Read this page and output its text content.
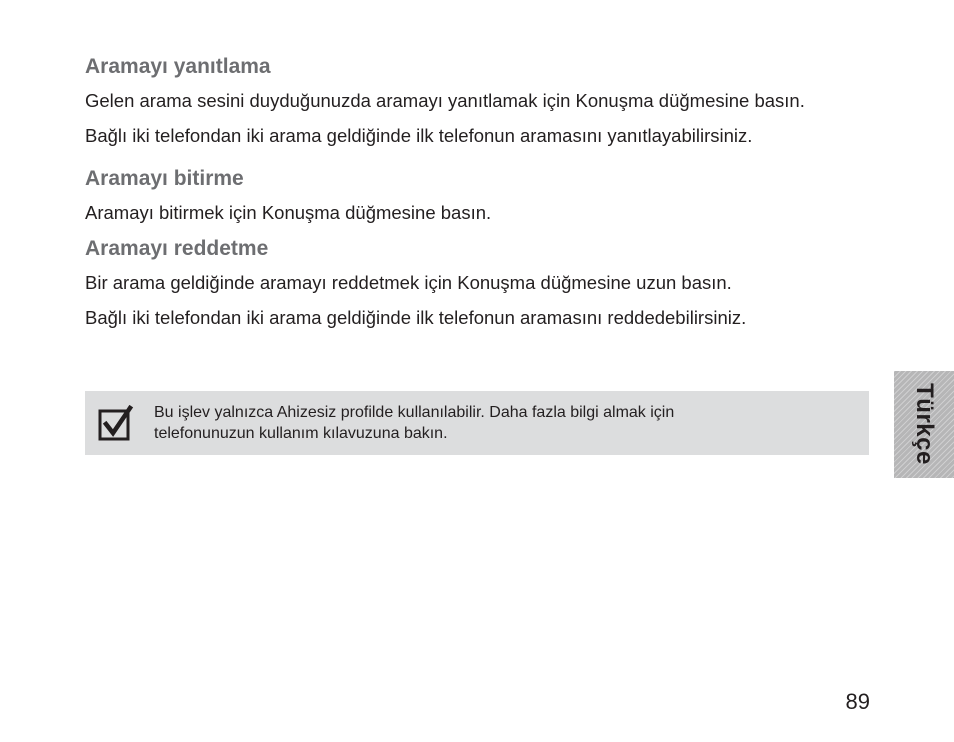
Aramayı yanıtlama

Gelen arama sesini duyduğunuzda aramayı yanıtlamak için Konuşma düğmesine basın.

Bağlı iki telefondan iki arama geldiğinde ilk telefonun aramasını yanıtlayabilirsiniz.

Aramayı bitirme

Aramayı bitirmek için Konuşma düğmesine basın.

Aramayı reddetme

Bir arama geldiğinde aramayı reddetmek için Konuşma düğmesine uzun basın.

Bağlı iki telefondan iki arama geldiğinde ilk telefonun aramasını reddedebilirsiniz.

Bu işlev yalnızca Ahizesiz profilde kullanılabilir. Daha fazla bilgi almak için
telefonunuzun kullanım kılavuzuna bakın.	Türkçe
89
